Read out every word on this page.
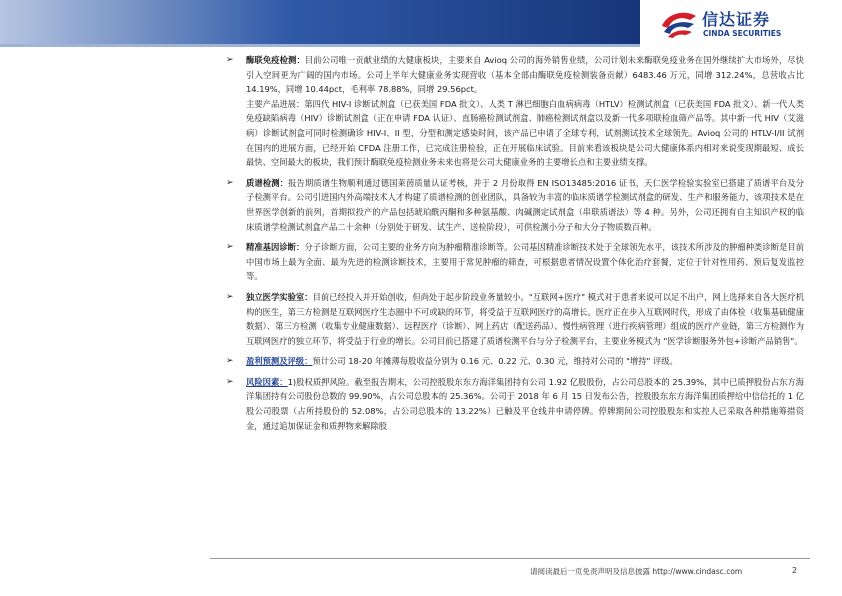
信达证券
CINDA SECURITIES
➢ 酶联免疫检测：目前公司唯一贡献业绩的大健康板块，主要来自 Avioq 公司的海外销售业绩，公司计划未来酶联免疫业务在国外继续扩大市场外，尽快引入空间更为广阔的国内市场。公司上半年大健康业务实现营收（基本全部由酶联免疫检测装备贡献）6483.46 万元，同增 312.24%，总营收占比 14.19%，同增 10.44pct，毛利率 78.88%，同增 29.56pct。

主要产品进展：第四代 HIV-I 诊断试剂盒（已获美国 FDA 批文）、人类 T 淋巴细胞白血病病毒（HTLV）检测试剂盒（已获美国 FDA 批文）、新一代人类免疫缺陷病毒（HIV）诊断试剂盒（正在申请 FDA 认证）、直肠癌检测试剂盒、肺癌检测试剂盒以及新一代多项联检血筛产品等。其中新一代 HIV（艾滋病）诊断试剂盒可同时检测确诊 HIV-I、II 型，分型和测定感染时间，该产品已申请了全球专利，试剂测试技术全球领先。Avioq 公司的 HTLV-I/II 试剂在国内的进展方面，已经开始 CFDA 注册工作，已完成注册检验，正在开展临床试验。目前来看该板块是公司大健康体系内相对来说变现期最短、成长最快、空间最大的板块，我们预计酶联免疫检测业务未来也将是公司大健康业务的主要增长点和主要业绩支撑。

➢ 质谱检测：报告期质谱生物顺利通过德国莱茵质量认证考核，并于 2 月份取得 EN ISO13485:2016 证书，天仁医学检验实验室已搭建了质谱平台及分子检测平台。公司引进国内外高端技术人才构建了质谱检测的创业团队，具备较为丰富的临床质谱学检测试剂盒的研发、生产和服务能力，该项技术是在世界医学创新的前列，首期拟投产的产品包括琥珀酰丙酮和多种氨基酸、肉碱测定试剂盒（串联质谱法）等 4 种。另外，公司还拥有自主知识产权的临床质谱学检测试剂盒产品二十余种（分别处于研发、试生产、送检阶段），可供检测小分子和大分子物质数百种。

➢ 精准基因诊断：分子诊断方面，公司主要的业务方向为肿瘤精准诊断等。公司基因精准诊断技术处于全球领先水平，该技术所涉及的肿瘤种类诊断是目前中国市场上最为全面、最为先进的检测诊断技术，主要用于常见肿瘤的筛查，可根据患者情况设置个体化治疗套餐，定位于针对性用药、预后复发监控等。

➢ 独立医学实验室：目前已经投入并开始创收，但尚处于起步阶段业务量较小。"互联网+医疗" 模式对于患者来说可以足不出户，网上选择来自各大医疗机构的医生，第三方检测是互联网医疗生态圈中不可或缺的环节，将受益于互联网医疗的高增长。医疗正在步入互联网时代，形成了由体检（收集基础健康数据）、第三方检测（收集专业健康数据）、远程医疗（诊断）、网上药店（配送药品）、慢性病管理（进行疾病管理）组成的医疗产业链，第三方检测作为互联网医疗的独立环节，将受益于行业的增长。公司目前已搭建了质谱检测平台与分子检测平台，主要业务模式为 "医学诊断服务外包+诊断产品销售"。

➢ 盈利预测及评级：预计公司 18-20 年摊薄每股收益分别为 0.16 元、0.22 元、0.30 元，维持对公司的 "增持" 评级。

➢ 风险因素：1)股权质押风险。截至报告期末，公司控股股东东方海洋集团持有公司 1.92 亿股股份，占公司总股本的 25.39%，其中已质押股份占东方海洋集团持有公司股份总数的 99.90%，占公司总股本的 25.36%。公司于 2018 年 6 月 15 日发布公告，控股股东东方海洋集团质押给中信信托的 1 亿股公司股票（占所持股份的 52.08%，占公司总股本的 13.22%）已触及平仓线并申请停牌。停牌期间公司控股股东和实控人已采取各种措施筹措资金，通过追加保证金和质押物来解除股

请阅读最后一页免责声明及信息披露 http://www.cindasc.com	2
